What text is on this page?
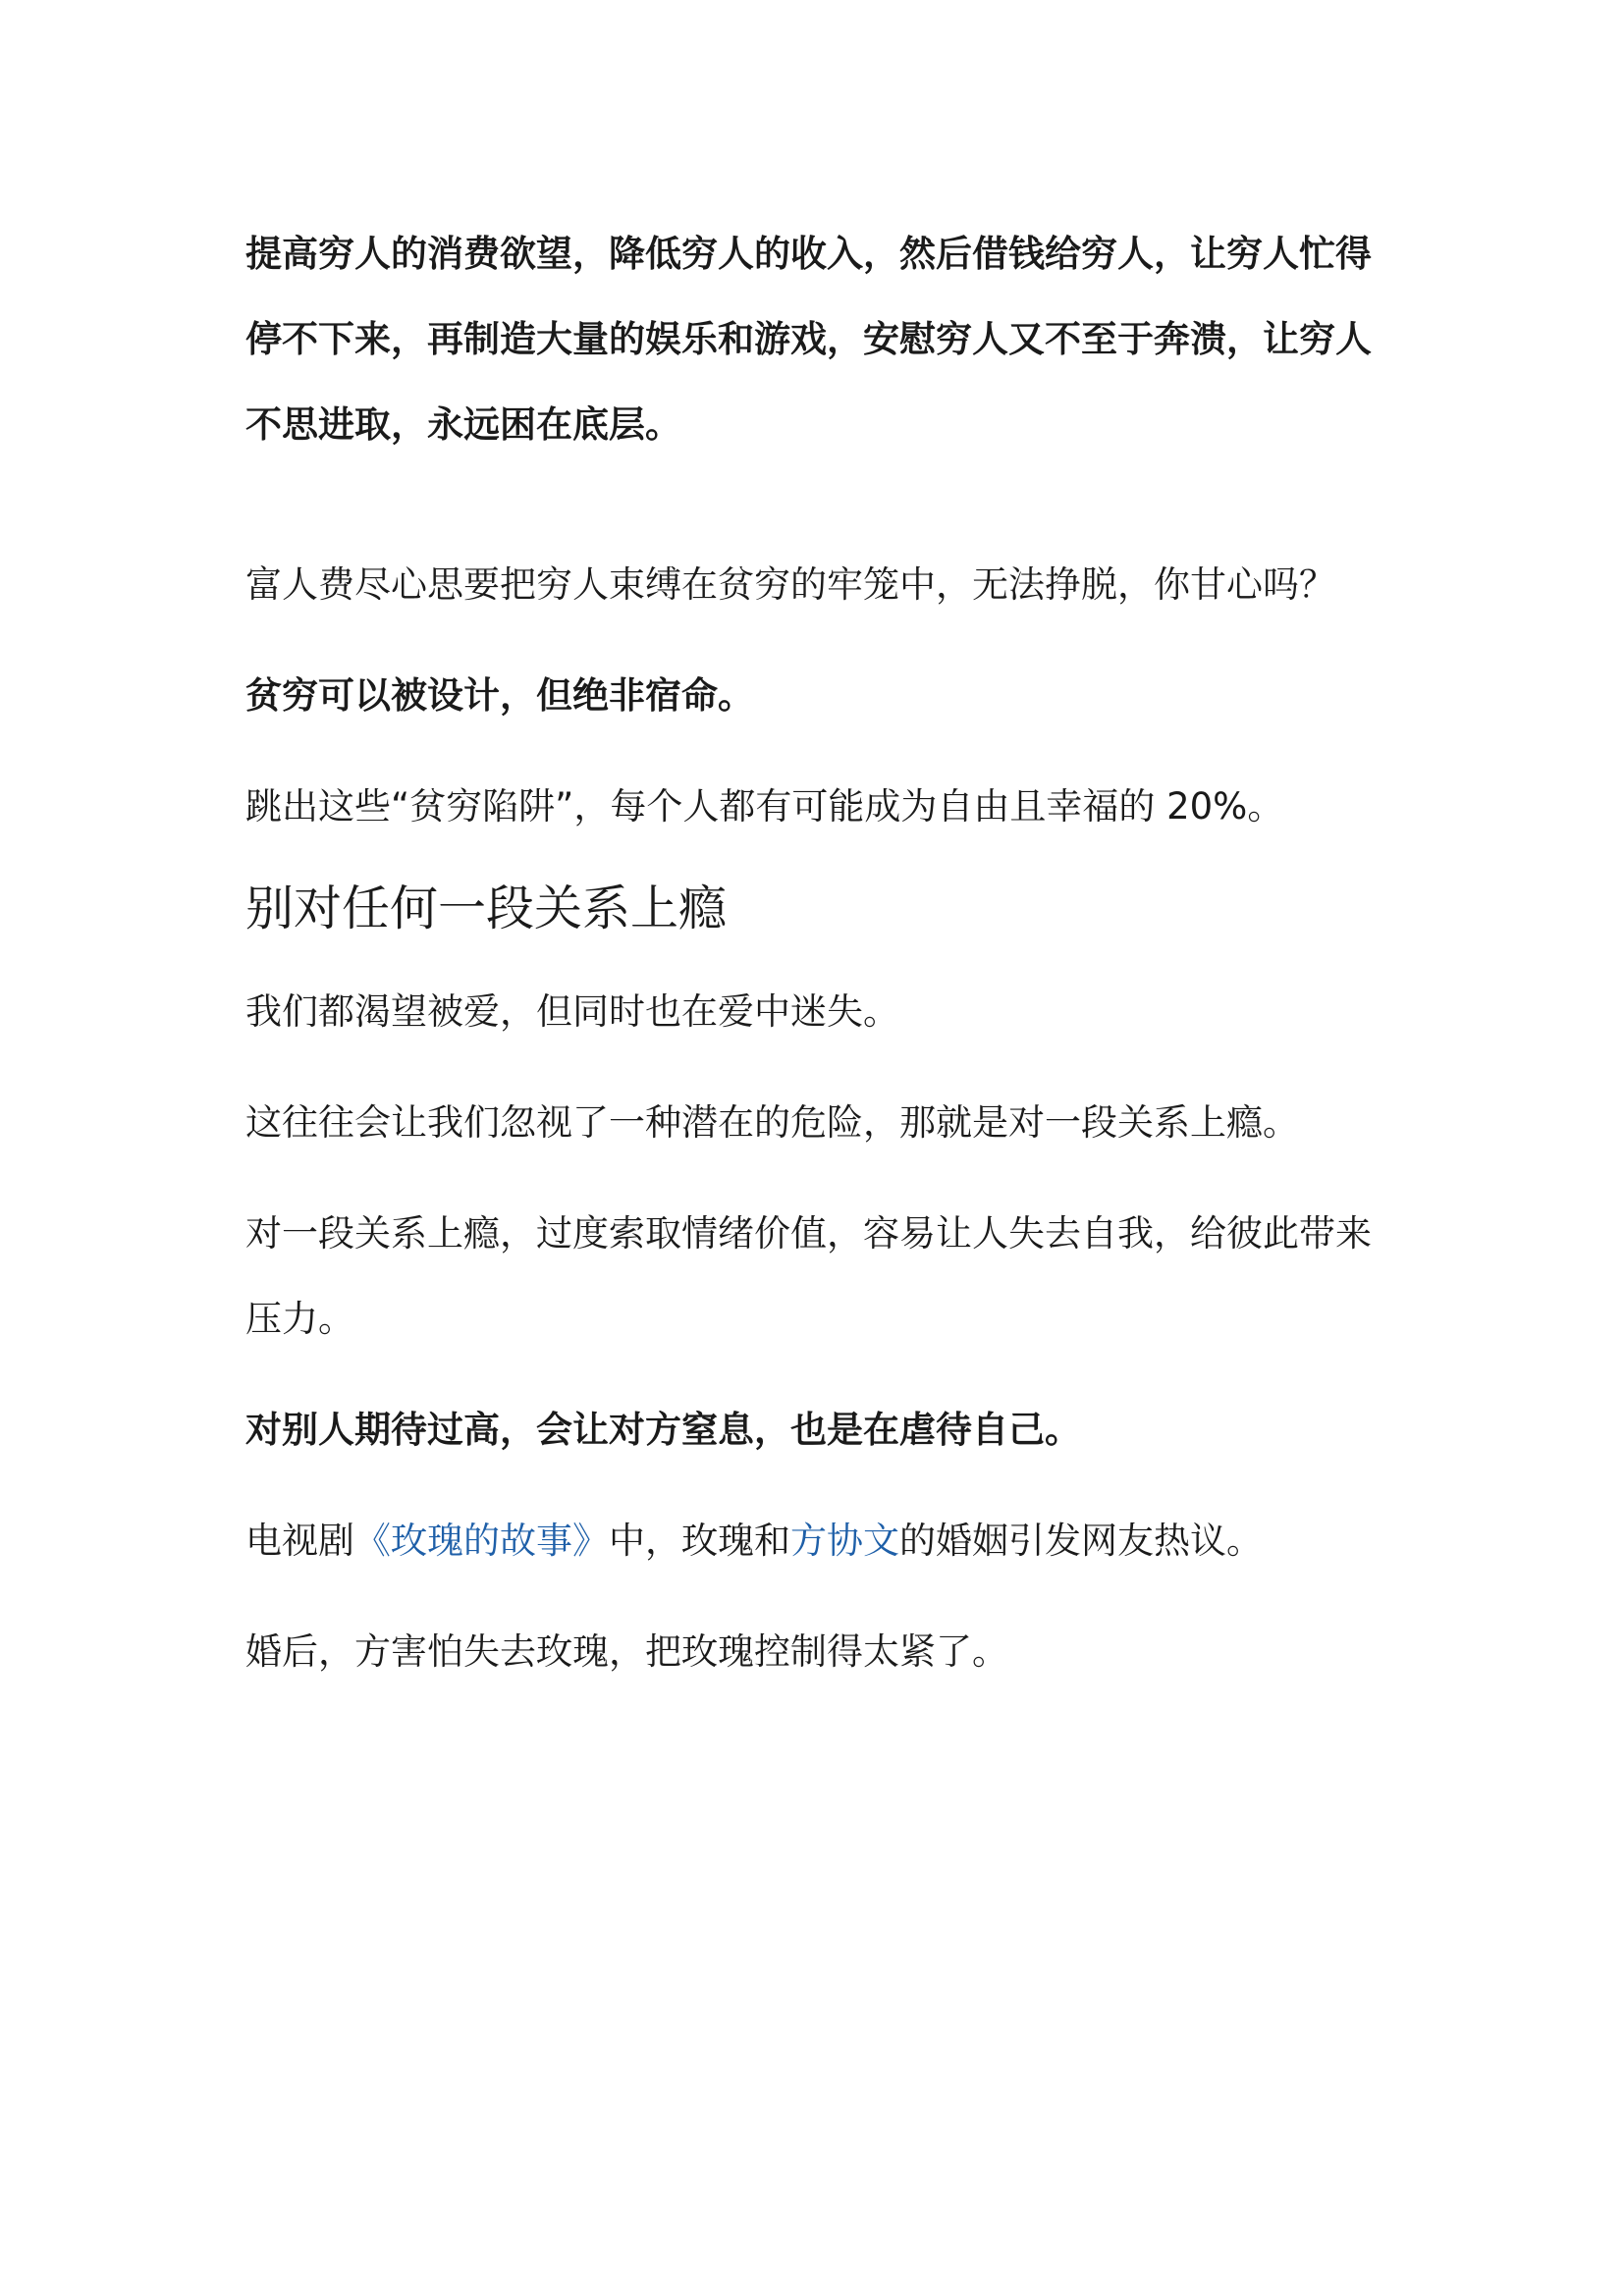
提高穷人的消费欲望，降低穷人的收入，然后借钱给穷人，让穷人忙得停不下来，再制造大量的娱乐和游戏，安慰穷人又不至于奔溃，让穷人不思进取，永远困在底层。

富人费尽心思要把穷人束缚在贫穷的牢笼中，无法挣脱，你甘心吗？

贫穷可以被设计，但绝非宿命。

跳出这些“贫穷陷阱”，每个人都有可能成为自由且幸福的 20%。

别对任何一段关系上瘾

我们都渴望被爱，但同时也在爱中迷失。

这往往会让我们忽视了一种潜在的危险，那就是对一段关系上瘾。

对一段关系上瘾，过度索取情绪价值，容易让人失去自我，给彼此带来压力。

对别人期待过高，会让对方窒息，也是在虐待自己。

电视剧《玫瑰的故事》中，玫瑰和方协文的婚姻引发网友热议。

婚后，方害怕失去玫瑰，把玫瑰控制得太紧了。
